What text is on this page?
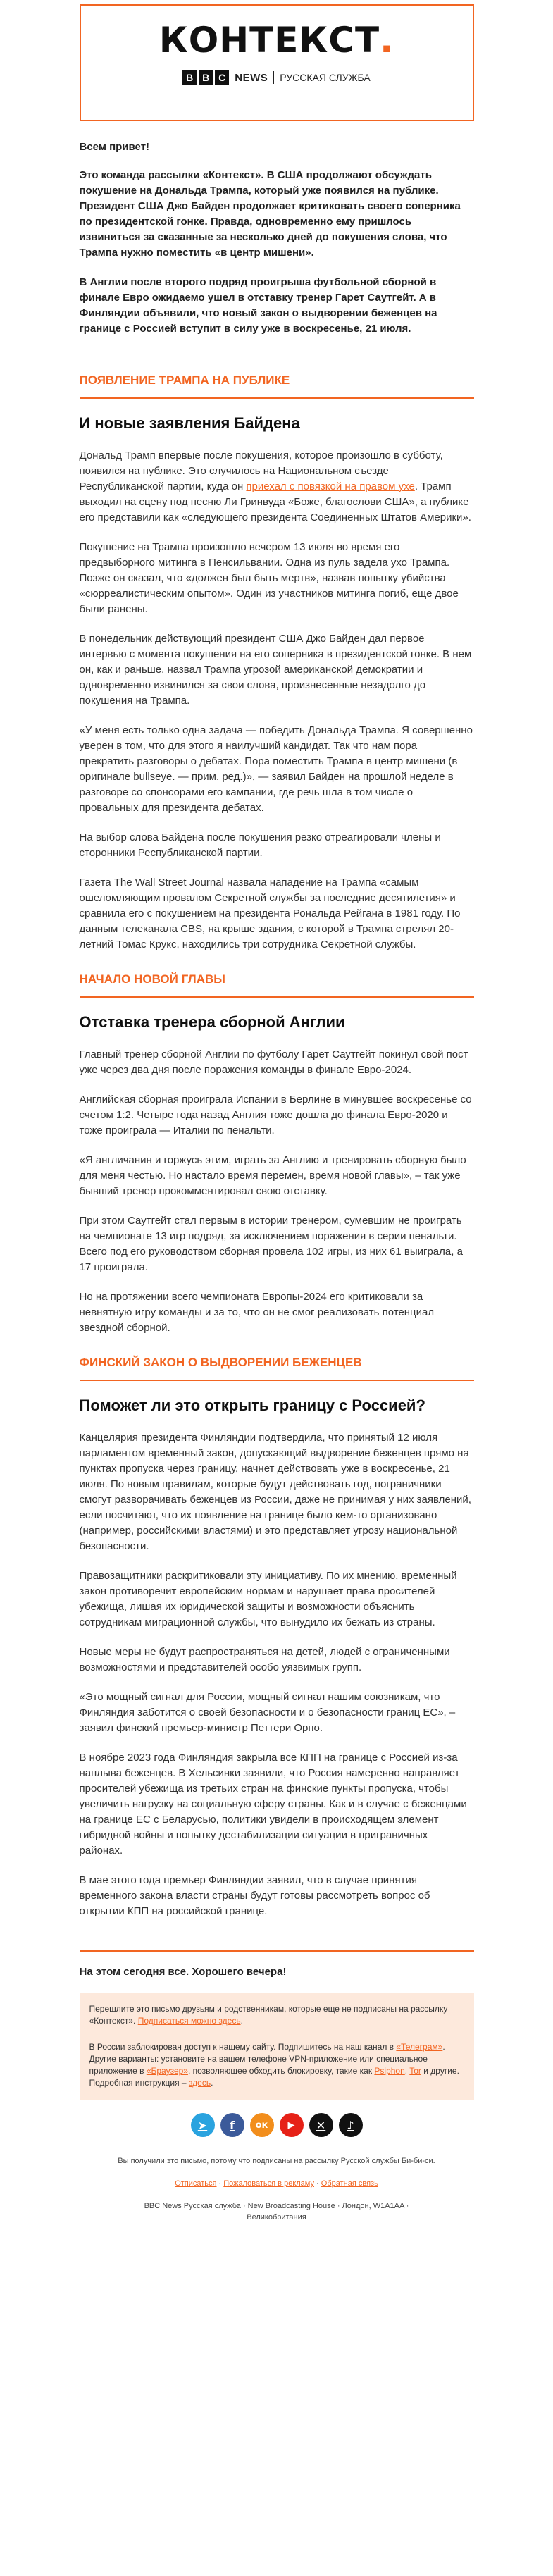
КОНТЕКСТ.
B B C NEWS РУССКАЯ СЛУЖБА
Всем привет!

Это команда рассылки «Контекст». В США продолжают обсуждать покушение на Дональда Трампа, который уже появился на публике. Президент США Джо Байден продолжает критиковать своего соперника по президентской гонке. Правда, одновременно ему пришлось извиниться за сказанные за несколько дней до покушения слова, что Трампа нужно поместить «в центр мишени».

В Англии после второго подряд проигрыша футбольной сборной в финале Евро ожидаемо ушел в отставку тренер Гарет Саутгейт. А в Финляндии объявили, что новый закон о выдворении беженцев на границе с Россией вступит в силу уже в воскресенье, 21 июля.

ПОЯВЛЕНИЕ ТРАМПА НА ПУБЛИКЕ
И новые заявления Байдена

Дональд Трамп впервые после покушения, которое произошло в субботу, появился на публике. Это случилось на Национальном съезде Республиканской партии, куда он приехал с повязкой на правом ухе. Трамп выходил на сцену под песню Ли Гринвуда «Боже, благослови США», а публике его представили как «следующего президента Соединенных Штатов Америки».

Покушение на Трампа произошло вечером 13 июля во время его предвыборного митинга в Пенсильвании. Одна из пуль задела ухо Трампа. Позже он сказал, что «должен был быть мертв», назвав попытку убийства «сюрреалистическим опытом». Один из участников митинга погиб, еще двое были ранены.

В понедельник действующий президент США Джо Байден дал первое интервью с момента покушения на его соперника в президентской гонке. В нем он, как и раньше, назвал Трампа угрозой американской демократии и одновременно извинился за свои слова, произнесенные незадолго до покушения на Трампа.

«У меня есть только одна задача — победить Дональда Трампа. Я совершенно уверен в том, что для этого я наилучший кандидат. Так что нам пора прекратить разговоры о дебатах. Пора поместить Трампа в центр мишени (в оригинале bullseye. — прим. ред.)», — заявил Байден на прошлой неделе в разговоре со спонсорами его кампании, где речь шла в том числе о провальных для президента дебатах.

На выбор слова Байдена после покушения резко отреагировали члены и сторонники Республиканской партии.

Газета The Wall Street Journal назвала нападение на Трампа «самым ошеломляющим провалом Секретной службы за последние десятилетия» и сравнила его с покушением на президента Рональда Рейгана в 1981 году. По данным телеканала CBS, на крыше здания, с которой в Трампа стрелял 20-летний Томас Крукс, находились три сотрудника Секретной службы.

НАЧАЛО НОВОЙ ГЛАВЫ
Отставка тренера сборной Англии

Главный тренер сборной Англии по футболу Гарет Саутгейт покинул свой пост уже через два дня после поражения команды в финале Евро-2024.

Английская сборная проиграла Испании в Берлине в минувшее воскресенье со счетом 1:2. Четыре года назад Англия тоже дошла до финала Евро-2020 и тоже проиграла — Италии по пенальти.

«Я англичанин и горжусь этим, играть за Англию и тренировать сборную было для меня честью. Но настало время перемен, время новой главы», – так уже бывший тренер прокомментировал свою отставку.

При этом Саутгейт стал первым в истории тренером, сумевшим не проиграть на чемпионате 13 игр подряд, за исключением поражения в серии пенальти. Всего под его руководством сборная провела 102 игры, из них 61 выиграла, а 17 проиграла.

Но на протяжении всего чемпионата Европы-2024 его критиковали за невнятную игру команды и за то, что он не смог реализовать потенциал звездной сборной.

ФИНСКИЙ ЗАКОН О ВЫДВОРЕНИИ БЕЖЕНЦЕВ
Поможет ли это открыть границу с Россией?

Канцелярия президента Финляндии подтвердила, что принятый 12 июля парламентом временный закон, допускающий выдворение беженцев прямо на пунктах пропуска через границу, начнет действовать уже в воскресенье, 21 июля. По новым правилам, которые будут действовать год, пограничники смогут разворачивать беженцев из России, даже не принимая у них заявлений, если посчитают, что их появление на границе было кем-то организовано (например, российскими властями) и это представляет угрозу национальной безопасности.

Правозащитники раскритиковали эту инициативу. По их мнению, временный закон противоречит европейским нормам и нарушает права просителей убежища, лишая их юридической защиты и возможности объяснить сотрудникам миграционной службы, что вынудило их бежать из страны.

Новые меры не будут распространяться на детей, людей с ограниченными возможностями и представителей особо уязвимых групп.

«Это мощный сигнал для России, мощный сигнал нашим союзникам, что Финляндия заботится о своей безопасности и о безопасности границ ЕС», – заявил финский премьер-министр Петтери Орпо.

В ноябре 2023 года Финляндия закрыла все КПП на границе с Россией из-за наплыва беженцев. В Хельсинки заявили, что Россия намеренно направляет просителей убежища из третьих стран на финские пункты пропуска, чтобы увеличить нагрузку на социальную сферу страны. Как и в случае с беженцами на границе ЕС с Беларусью, политики увидели в происходящем элемент гибридной войны и попытку дестабилизации ситуации в приграничных районах.

В мае этого года премьер Финляндии заявил, что в случае принятия временного закона власти страны будут готовы рассмотреть вопрос об открытии КПП на российской границе.

На этом сегодня все. Хорошего вечера!

Перешлите это письмо друзьям и родственникам, которые еще не подписаны на рассылку «Контекст». Подписаться можно здесь.

В России заблокирован доступ к нашему сайту. Подпишитесь на наш канал в «Телеграм». Другие варианты: установите на вашем телефоне VPN-приложение или специальное приложение в «Браузер», позволяющее обходить блокировку, такие как Psiphon, Tor и другие. Подробная инструкция – здесь.

➤	f	ок	▶	✕	♪
Вы получили это письмо, потому что подписаны на рассылку Русской службы Би-би-си.
Отписаться · Пожаловаться в рекламу · Обратная связь
BBC News Русская служба · New Broadcasting House · Лондон, W1A1AA · Великобритания
